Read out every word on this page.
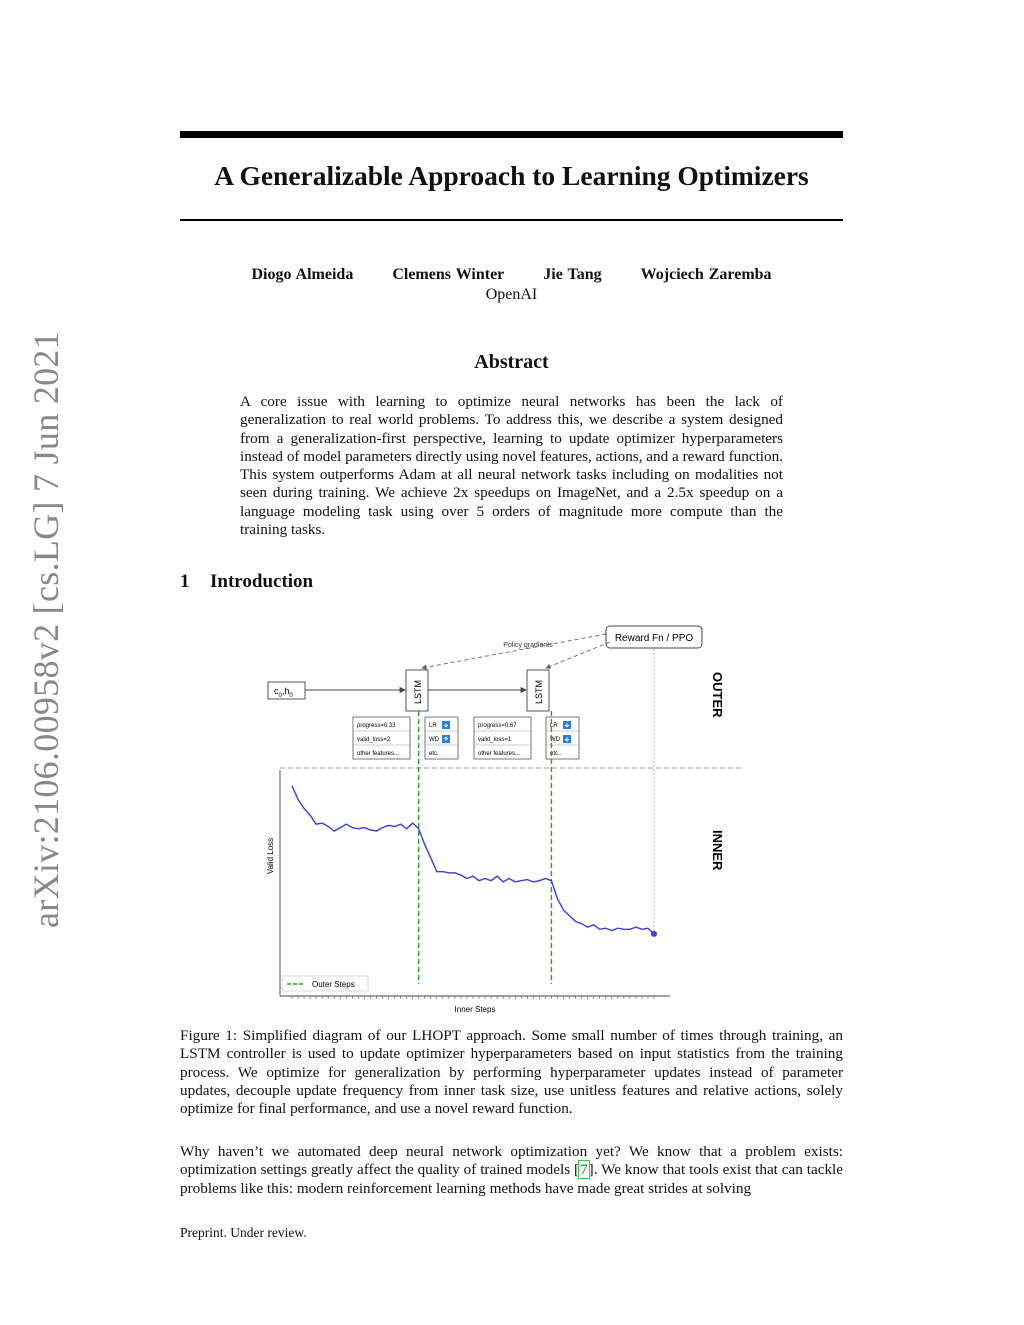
arXiv:2106.00958v2 [cs.LG] 7 Jun 2021
A Generalizable Approach to Learning Optimizers
Diogo Almeida Clemens Winter Jie Tang Wojciech Zaremba
OpenAI
Abstract
A core issue with learning to optimize neural networks has been the lack of generalization to real world problems. To address this, we describe a system designed from a generalization-first perspective, learning to update optimizer hyperparameters instead of model parameters directly using novel features, actions, and a reward function. This system outperforms Adam at all neural network tasks including on modalities not seen during training. We achieve 2x speedups on ImageNet, and a 2.5x speedup on a language modeling task using over 5 orders of magnitude more compute than the training tasks.
1 Introduction
Reward Fn / PPO
Policy gradients
$c_0,h_0$	LSTM	LSTM
progress=0.33
valid_loss=2
other features...
LR
WD
etc.
progress=0.67
valid_loss=1
other features...
LR
WD
etc..
OUTER
INNER
Valid Loss
Inner Steps
Outer Steps
Figure 1: Simplified diagram of our LHOPT approach. Some small number of times through training, an LSTM controller is used to update optimizer hyperparameters based on input statistics from the training process. We optimize for generalization by performing hyperparameter updates instead of parameter updates, decouple update frequency from inner task size, use unitless features and relative actions, solely optimize for final performance, and use a novel reward function.
Why haven’t we automated deep neural network optimization yet? We know that a problem exists: optimization settings greatly affect the quality of trained models [7]. We know that tools exist that can tackle problems like this: modern reinforcement learning methods have made great strides at solving
Preprint. Under review.
